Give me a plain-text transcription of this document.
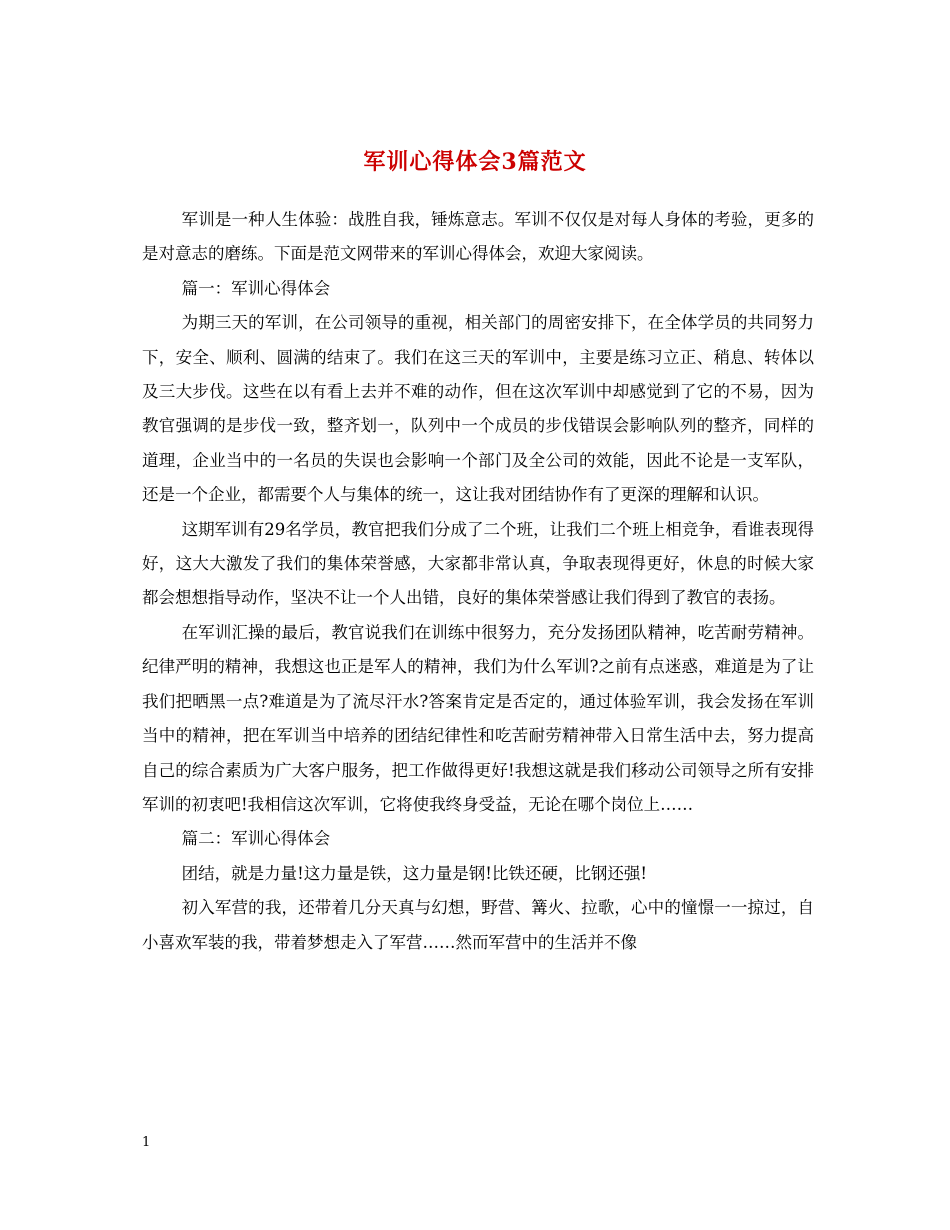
军训心得体会3篇范文

军训是一种人生体验：战胜自我，锤炼意志。军训不仅仅是对每人身体的考验，更多的是对意志的磨练。下面是范文网带来的军训心得体会，欢迎大家阅读。

篇一：军训心得体会

为期三天的军训，在公司领导的重视，相关部门的周密安排下，在全体学员的共同努力下，安全、顺利、圆满的结束了。我们在这三天的军训中，主要是练习立正、稍息、转体以及三大步伐。这些在以有看上去并不难的动作，但在这次军训中却感觉到了它的不易，因为教官强调的是步伐一致，整齐划一，队列中一个成员的步伐错误会影响队列的整齐，同样的道理，企业当中的一名员的失误也会影响一个部门及全公司的效能，因此不论是一支军队，还是一个企业，都需要个人与集体的统一，这让我对团结协作有了更深的理解和认识。

这期军训有29名学员，教官把我们分成了二个班，让我们二个班上相竞争，看谁表现得好，这大大激发了我们的集体荣誉感，大家都非常认真，争取表现得更好，休息的时候大家都会想想指导动作，坚决不让一个人出错，良好的集体荣誉感让我们得到了教官的表扬。

在军训汇操的最后，教官说我们在训练中很努力，充分发扬团队精神，吃苦耐劳精神。纪律严明的精神，我想这也正是军人的精神，我们为什么军训?之前有点迷惑，难道是为了让我们把晒黑一点?难道是为了流尽汗水?答案肯定是否定的，通过体验军训，我会发扬在军训当中的精神，把在军训当中培养的团结纪律性和吃苦耐劳精神带入日常生活中去，努力提高自己的综合素质为广大客户服务，把工作做得更好!我想这就是我们移动公司领导之所有安排军训的初衷吧!我相信这次军训，它将使我终身受益，无论在哪个岗位上……

篇二：军训心得体会

团结，就是力量!这力量是铁，这力量是钢!比铁还硬，比钢还强!

初入军营的我，还带着几分天真与幻想，野营、篝火、拉歌，心中的憧憬一一掠过，自小喜欢军装的我，带着梦想走入了军营……然而军营中的生活并不像

1
